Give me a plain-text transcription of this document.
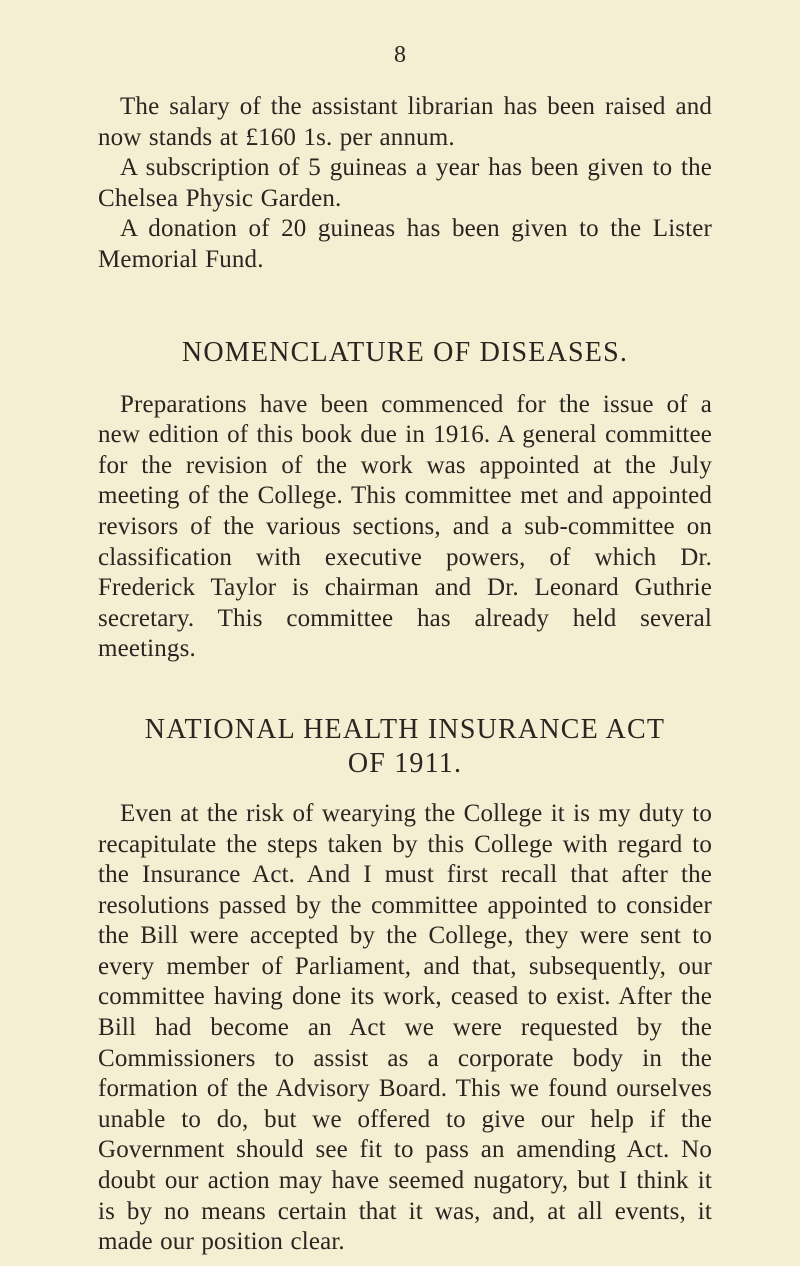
8

The salary of the assistant librarian has been raised and now stands at £160 1s. per annum.

A subscription of 5 guineas a year has been given to the Chelsea Physic Garden.

A donation of 20 guineas has been given to the Lister Memorial Fund.

NOMENCLATURE OF DISEASES.

Preparations have been commenced for the issue of a new edition of this book due in 1916. A general committee for the revision of the work was appointed at the July meeting of the College. This committee met and appointed revisors of the various sections, and a sub-committee on classification with executive powers, of which Dr. Frederick Taylor is chairman and Dr. Leonard Guthrie secretary. This committee has already held several meetings.

NATIONAL HEALTH INSURANCE ACT
OF 1911.

Even at the risk of wearying the College it is my duty to recapitulate the steps taken by this College with regard to the Insurance Act. And I must first recall that after the resolutions passed by the committee appointed to consider the Bill were accepted by the College, they were sent to every member of Parliament, and that, subsequently, our committee having done its work, ceased to exist. After the Bill had become an Act we were requested by the Commissioners to assist as a corporate body in the formation of the Advisory Board. This we found ourselves unable to do, but we offered to give our help if the Government should see fit to pass an amending Act. No doubt our action may have seemed nugatory, but I think it is by no means certain that it was, and, at all events, it made our position clear.
